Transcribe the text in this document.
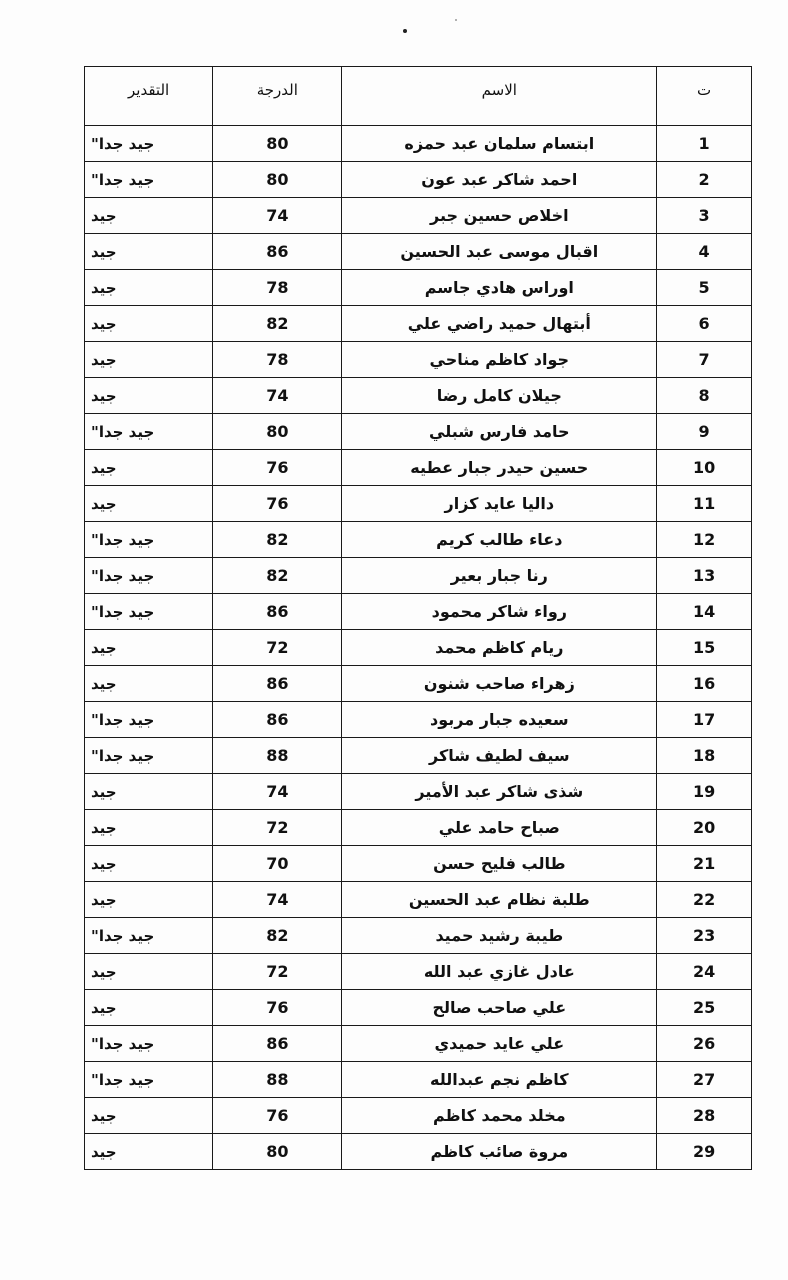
ت	الاسم	الدرجة	التقدير
1	ابتسام سلمان عبد حمزه	80	جيد جدا"
2	احمد شاكر عبد عون	80	جيد جدا"
3	اخلاص حسين جبر	74	جيد
4	اقبال موسى عبد الحسين	86	جيد
5	اوراس هادي جاسم	78	جيد
6	أبتهال حميد راضي علي	82	جيد
7	جواد كاظم مناحي	78	جيد
8	جيلان كامل رضا	74	جيد
9	حامد فارس شبلي	80	جيد جدا"
10	حسين حيدر جبار عطيه	76	جيد
11	داليا عايد كزار	76	جيد
12	دعاء طالب كريم	82	جيد جدا"
13	رنا جبار بعير	82	جيد جدا"
14	رواء شاكر محمود	86	جيد جدا"
15	ريام كاظم محمد	72	جيد
16	زهراء صاحب شنون	86	جيد
17	سعيده جبار مربود	86	جيد جدا"
18	سيف لطيف شاكر	88	جيد جدا"
19	شذى شاكر عبد الأمير	74	جيد
20	صباح حامد علي	72	جيد
21	طالب فليح حسن	70	جيد
22	طلبة نظام عبد الحسين	74	جيد
23	طيبة رشيد حميد	82	جيد جدا"
24	عادل غازي عبد الله	72	جيد
25	علي صاحب صالح	76	جيد
26	علي عايد حميدي	86	جيد جدا"
27	كاظم نجم عبدالله	88	جيد جدا"
28	مخلد محمد كاظم	76	جيد
29	مروة صائب كاظم	80	جيد
